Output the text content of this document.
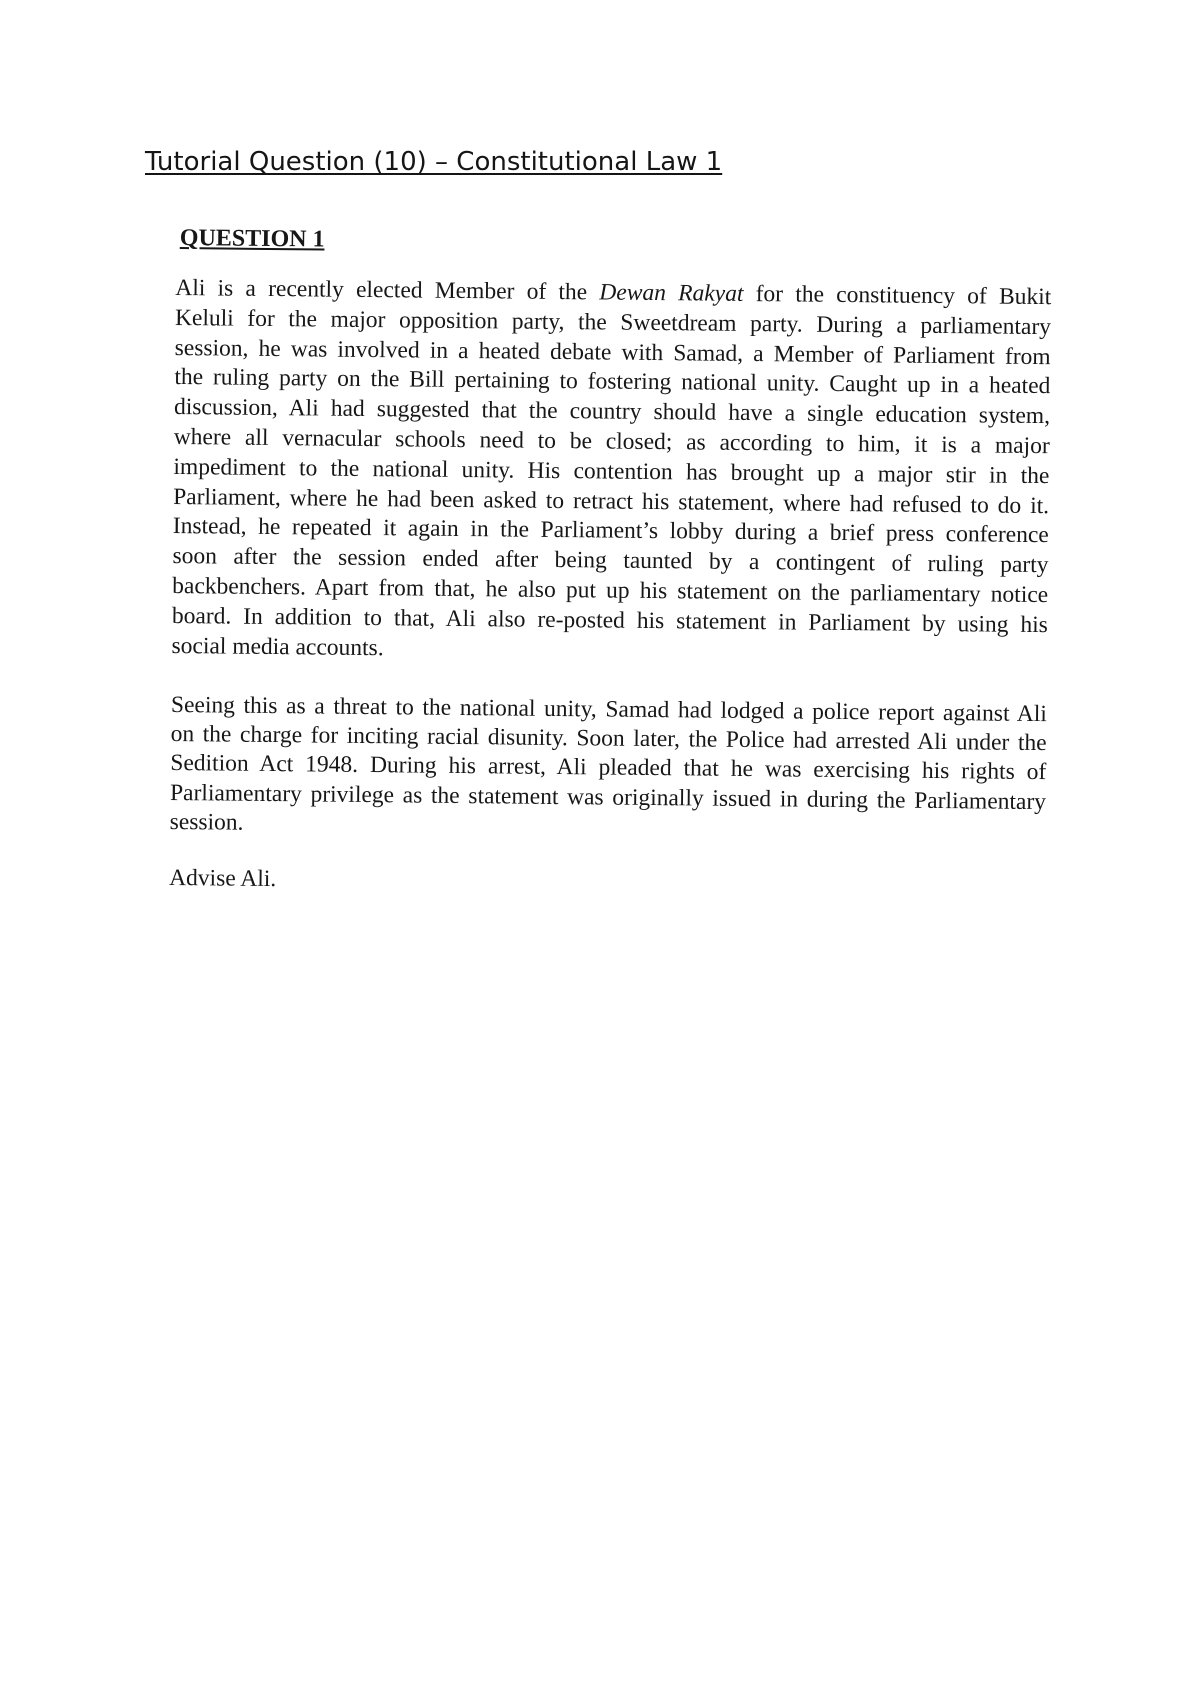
Tutorial Question (10) – Constitutional Law 1
QUESTION 1
Ali is a recently elected Member of the Dewan Rakyat for the constituency of Bukit
Keluli for the major opposition party, the Sweetdream party. During a parliamentary
session, he was involved in a heated debate with Samad, a Member of Parliament from
the ruling party on the Bill pertaining to fostering national unity. Caught up in a heated
discussion, Ali had suggested that the country should have a single education system,
where all vernacular schools need to be closed; as according to him, it is a major
impediment to the national unity. His contention has brought up a major stir in the
Parliament, where he had been asked to retract his statement, where had refused to do it.
Instead, he repeated it again in the Parliament’s lobby during a brief press conference
soon after the session ended after being taunted by a contingent of ruling party
backbenchers. Apart from that, he also put up his statement on the parliamentary notice
board. In addition to that, Ali also re-posted his statement in Parliament by using his
social media accounts.
Seeing this as a threat to the national unity, Samad had lodged a police report against Ali
on the charge for inciting racial disunity. Soon later, the Police had arrested Ali under the
Sedition Act 1948. During his arrest, Ali pleaded that he was exercising his rights of
Parliamentary privilege as the statement was originally issued in during the Parliamentary
session.
Advise Ali.
